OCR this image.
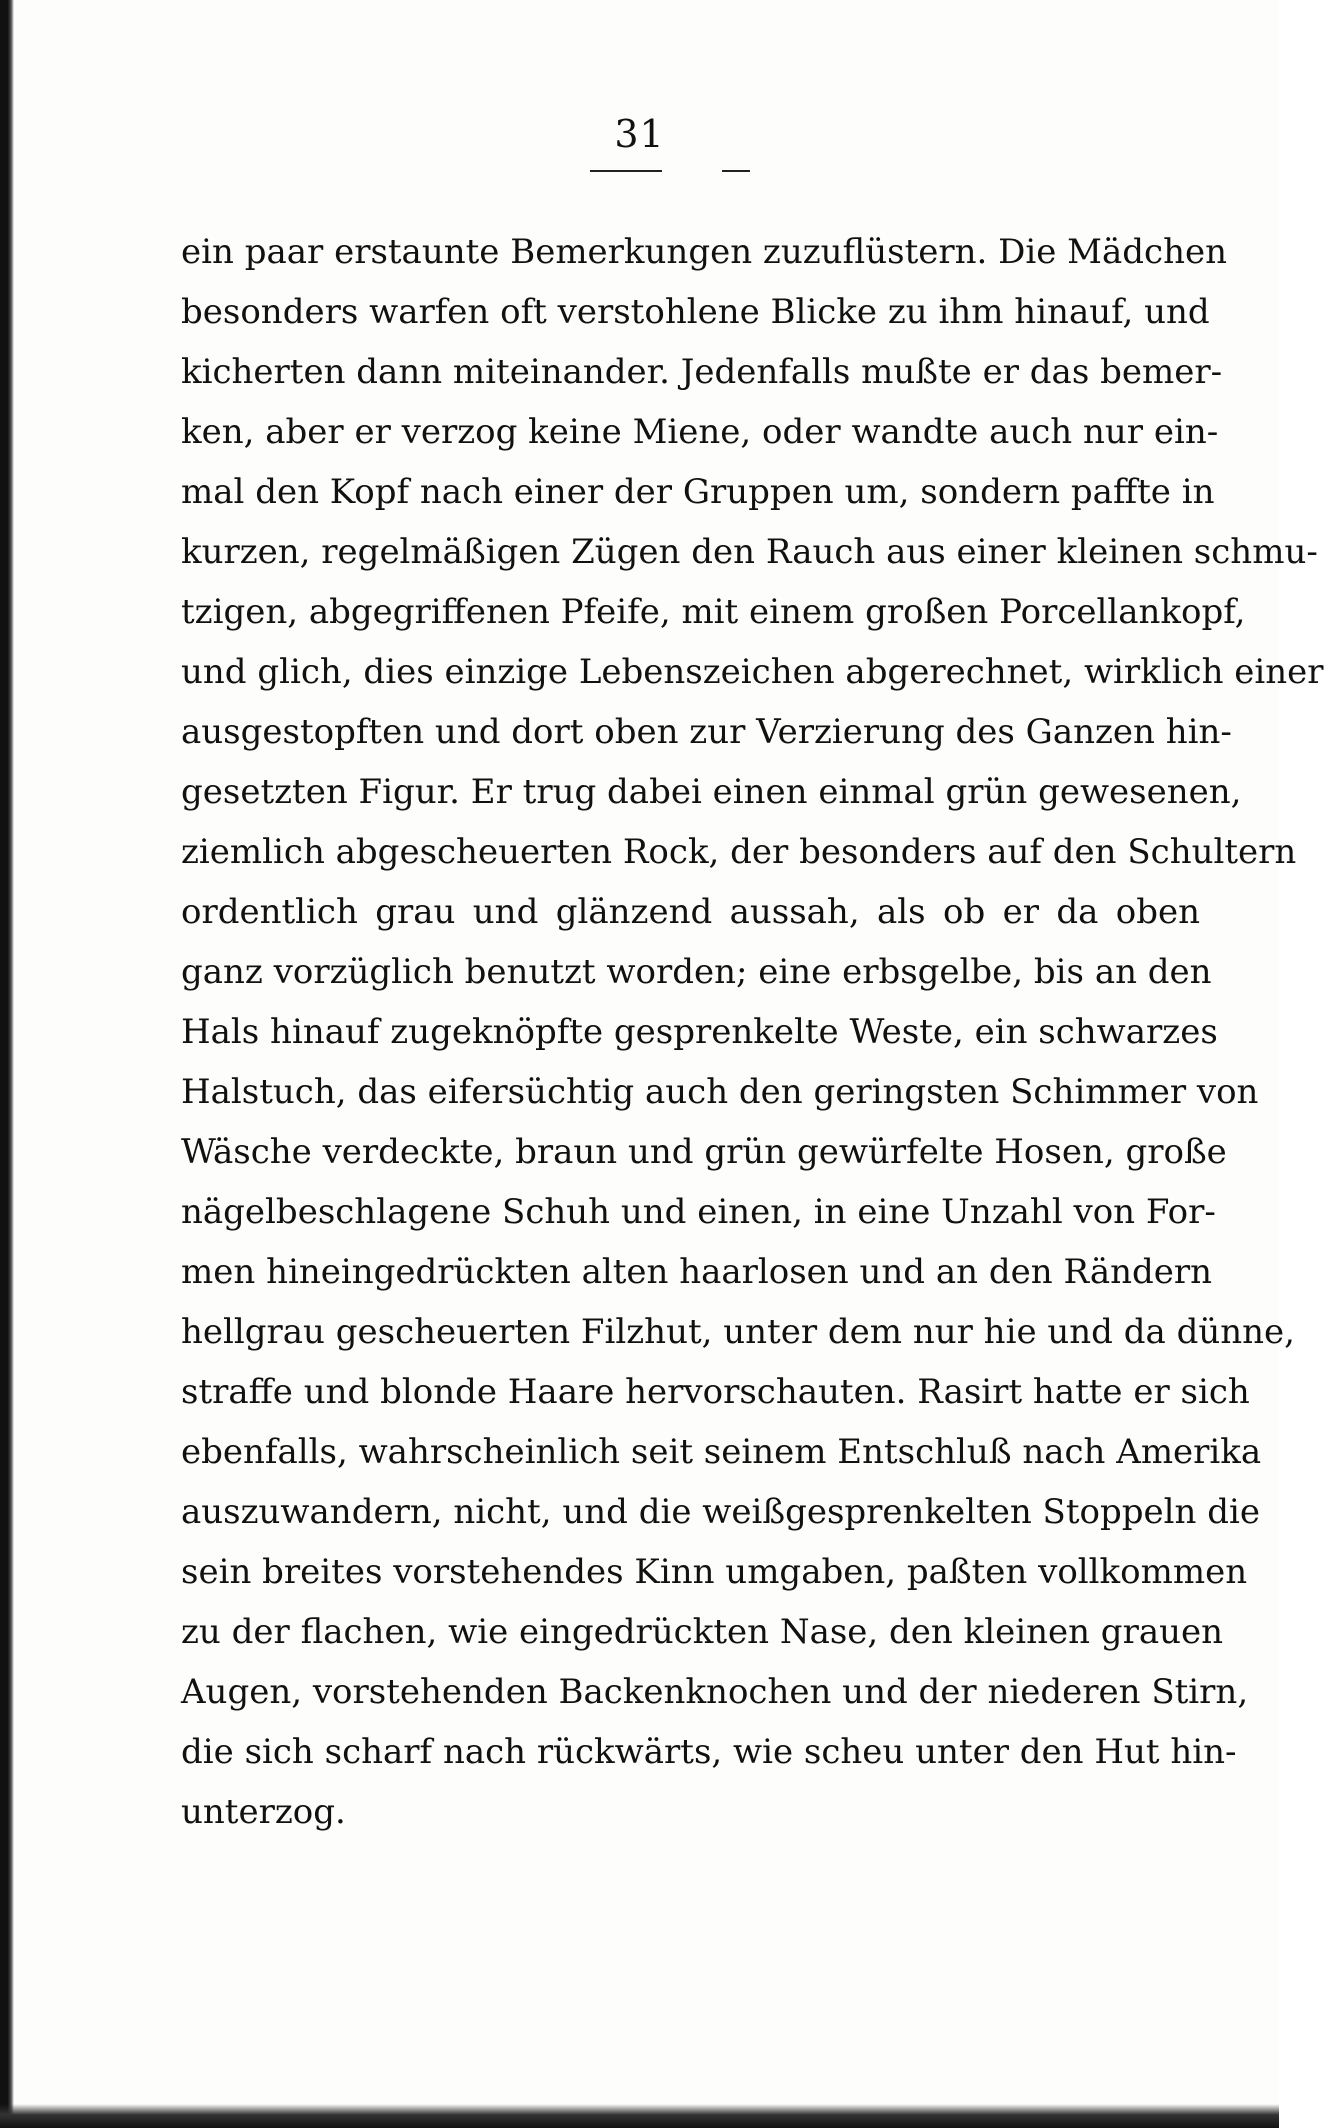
31
ein paar erstaunte Bemerkungen zuzuflüstern. Die Mädchen
besonders warfen oft verstohlene Blicke zu ihm hinauf, und
kicherten dann miteinander. Jedenfalls mußte er das bemer-
ken, aber er verzog keine Miene, oder wandte auch nur ein-
mal den Kopf nach einer der Gruppen um, sondern paffte in
kurzen, regelmäßigen Zügen den Rauch aus einer kleinen schmu-
tzigen, abgegriffenen Pfeife, mit einem großen Porcellankopf,
und glich, dies einzige Lebenszeichen abgerechnet, wirklich einer
ausgestopften und dort oben zur Verzierung des Ganzen hin-
gesetzten Figur. Er trug dabei einen einmal grün gewesenen,
ziemlich abgescheuerten Rock, der besonders auf den Schultern
ordentlich grau und glänzend aussah, als ob er da oben
ganz vorzüglich benutzt worden; eine erbsgelbe, bis an den
Hals hinauf zugeknöpfte gesprenkelte Weste, ein schwarzes
Halstuch, das eifersüchtig auch den geringsten Schimmer von
Wäsche verdeckte, braun und grün gewürfelte Hosen, große
nägelbeschlagene Schuh und einen, in eine Unzahl von For-
men hineingedrückten alten haarlosen und an den Rändern
hellgrau gescheuerten Filzhut, unter dem nur hie und da dünne,
straffe und blonde Haare hervorschauten. Rasirt hatte er sich
ebenfalls, wahrscheinlich seit seinem Entschluß nach Amerika
auszuwandern, nicht, und die weißgesprenkelten Stoppeln die
sein breites vorstehendes Kinn umgaben, paßten vollkommen
zu der flachen, wie eingedrückten Nase, den kleinen grauen
Augen, vorstehenden Backenknochen und der niederen Stirn,
die sich scharf nach rückwärts, wie scheu unter den Hut hin-
unterzog.
